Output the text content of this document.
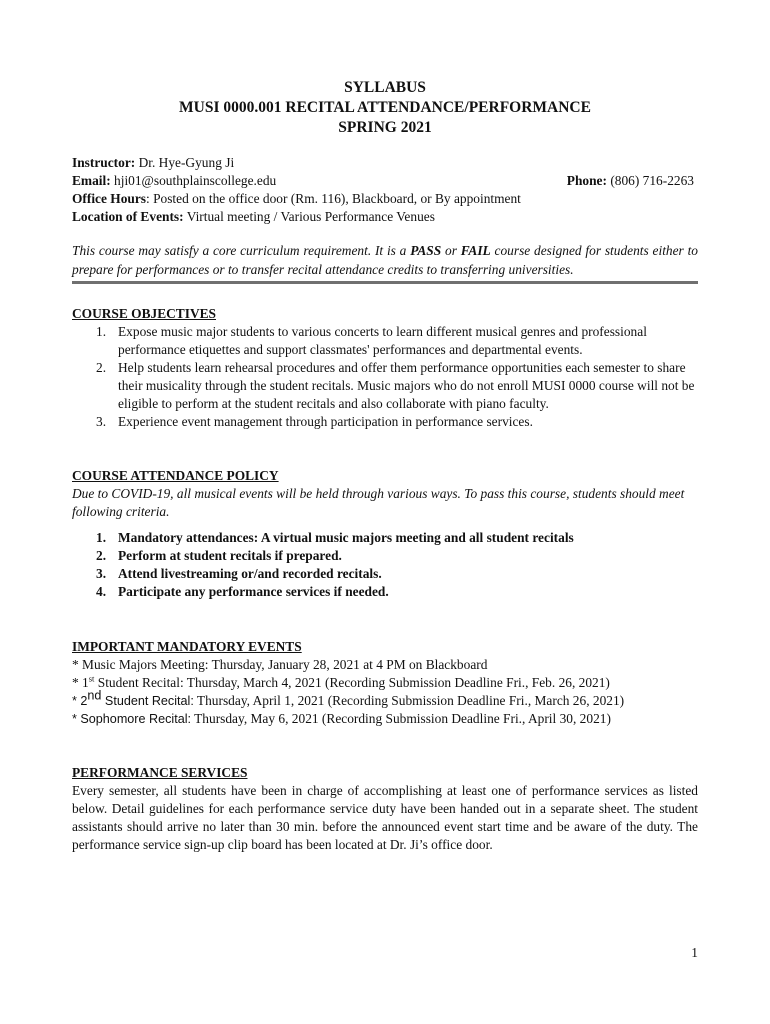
SYLLABUS
MUSI 0000.001 RECITAL ATTENDANCE/PERFORMANCE
SPRING 2021
Instructor: Dr. Hye-Gyung Ji
Email: hji01@southplainscollege.edu	Phone: (806) 716-2263
Office Hours: Posted on the office door (Rm. 116), Blackboard, or By appointment
Location of Events: Virtual meeting / Various Performance Venues
This course may satisfy a core curriculum requirement. It is a PASS or FAIL course designed for students either to prepare for performances or to transfer recital attendance credits to transferring universities.
COURSE OBJECTIVES
1. Expose music major students to various concerts to learn different musical genres and professional performance etiquettes and support classmates' performances and departmental events.
2. Help students learn rehearsal procedures and offer them performance opportunities each semester to share their musicality through the student recitals. Music majors who do not enroll MUSI 0000 course will not be eligible to perform at the student recitals and also collaborate with piano faculty.
3. Experience event management through participation in performance services.
COURSE ATTENDANCE POLICY
Due to COVID-19, all musical events will be held through various ways. To pass this course, students should meet following criteria.
1. Mandatory attendances: A virtual music majors meeting and all student recitals
2. Perform at student recitals if prepared.
3. Attend livestreaming or/and recorded recitals.
4. Participate any performance services if needed.
IMPORTANT MANDATORY EVENTS
* Music Majors Meeting: Thursday, January 28, 2021 at 4 PM on Blackboard
* 1st Student Recital: Thursday, March 4, 2021 (Recording Submission Deadline Fri., Feb. 26, 2021)
* 2nd Student Recital: Thursday, April 1, 2021 (Recording Submission Deadline Fri., March 26, 2021)
* Sophomore Recital: Thursday, May 6, 2021 (Recording Submission Deadline Fri., April 30, 2021)
PERFORMANCE SERVICES
Every semester, all students have been in charge of accomplishing at least one of performance services as listed below. Detail guidelines for each performance service duty have been handed out in a separate sheet. The student assistants should arrive no later than 30 min. before the announced event start time and be aware of the duty. The performance service sign-up clip board has been located at Dr. Ji’s office door.
1
